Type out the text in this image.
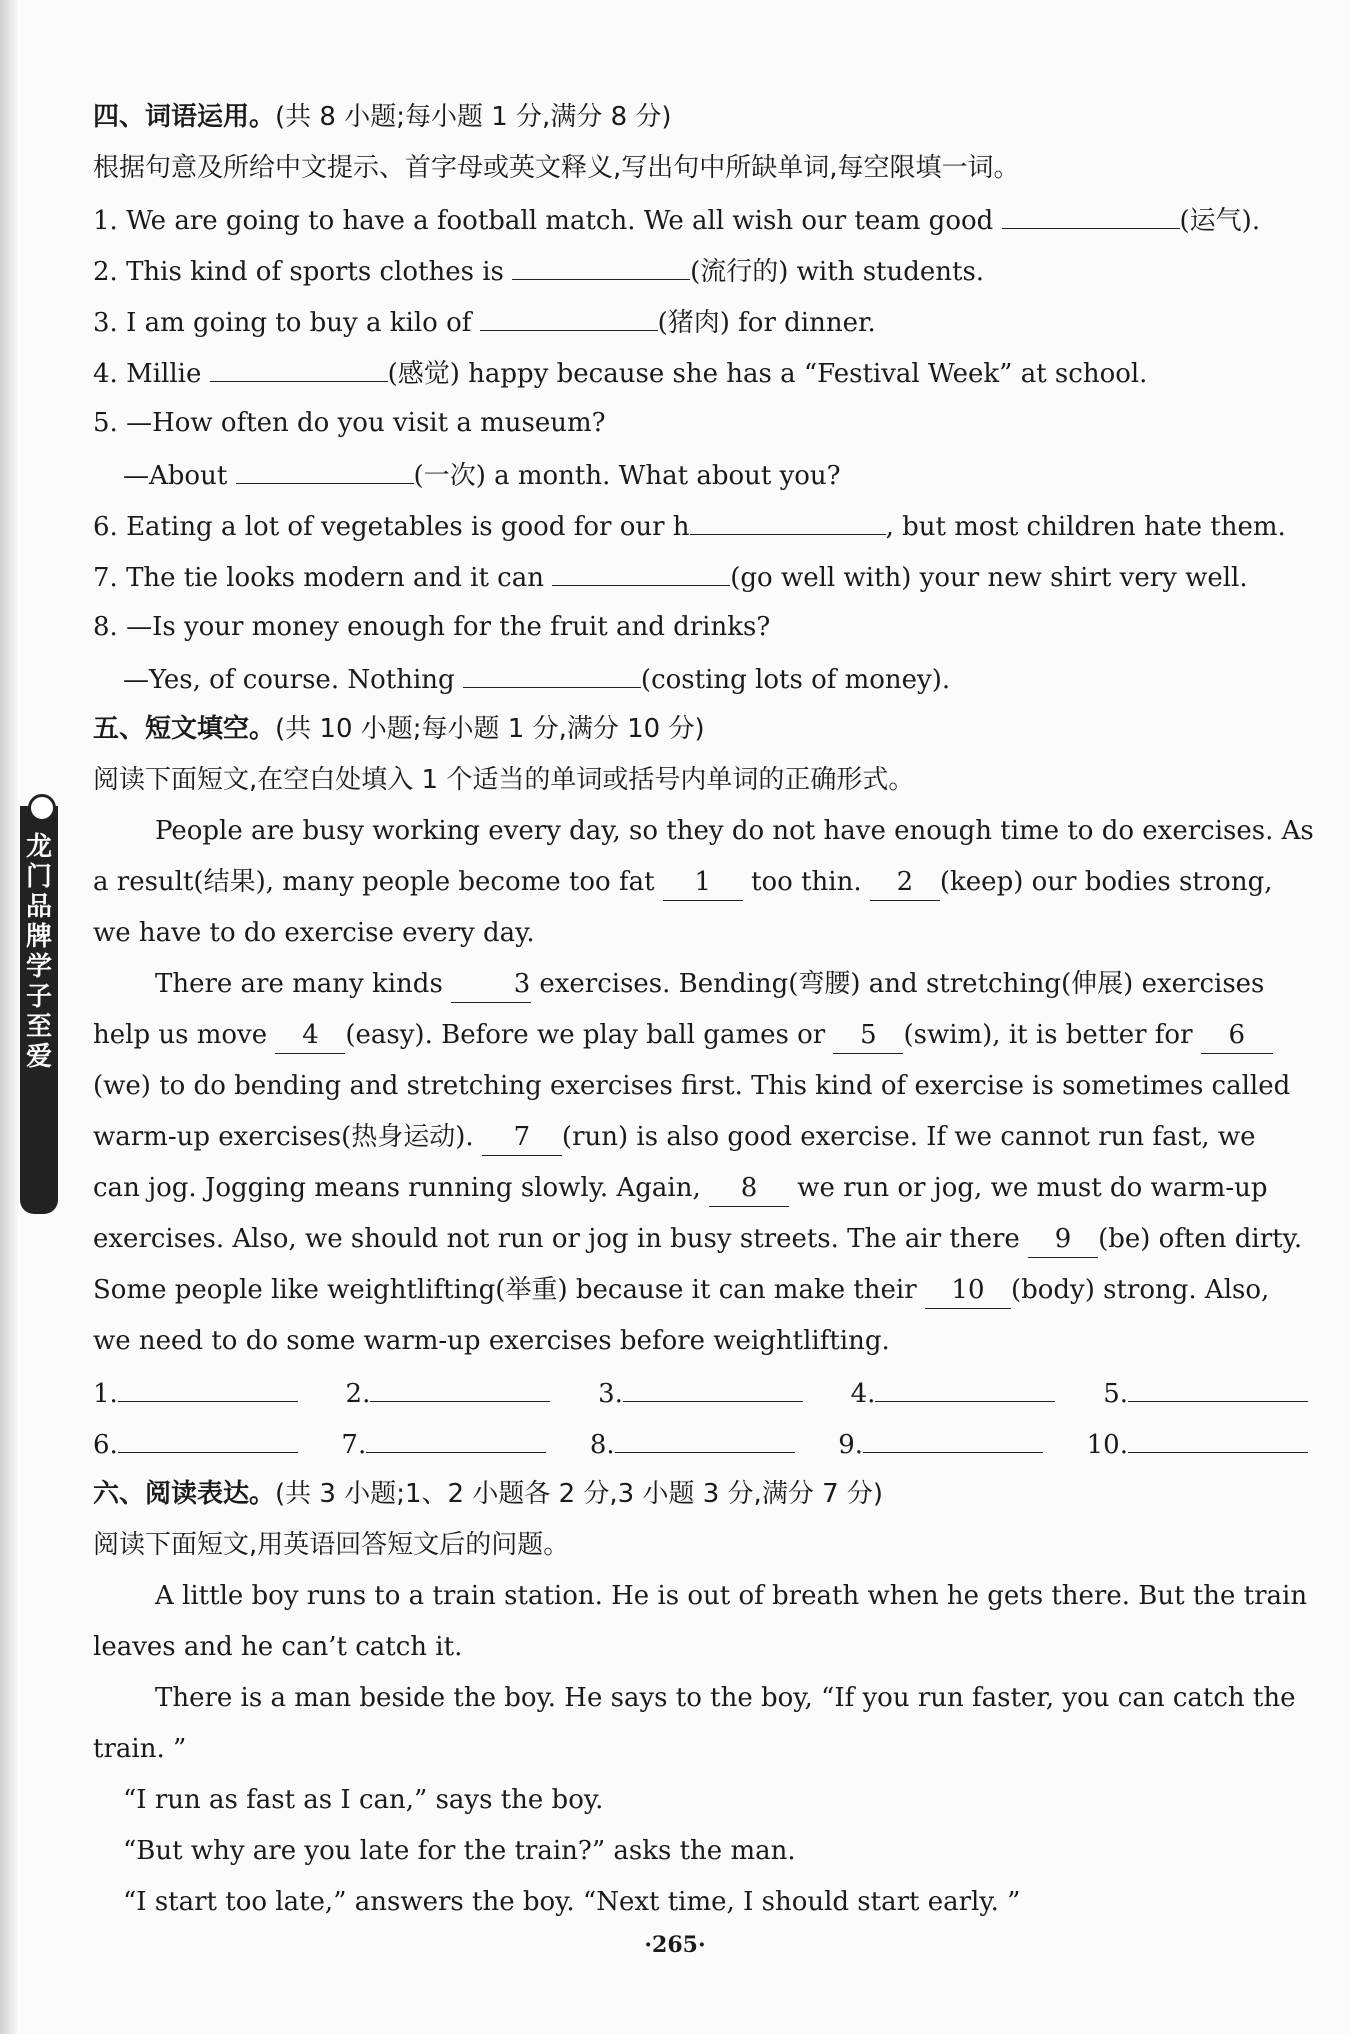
龙门品牌学子至爱
四、词语运用。(共 8 小题;每小题 1 分,满分 8 分)
根据句意及所给中文提示、首字母或英文释义,写出句中所缺单词,每空限填一词。
1. We are going to have a football match. We all wish our team good	(运气).
2. This kind of sports clothes is	(流行的) with students.
3. I am going to buy a kilo of	(猪肉) for dinner.
4. Millie	(感觉) happy because she has a “Festival Week” at school.
5. —How often do you visit a museum?
—About	(一次) a month. What about you?
6. Eating a lot of vegetables is good for our h	, but most children hate them.
7. The tie looks modern and it can	(go well with) your new shirt very well.
8. —Is your money enough for the fruit and drinks?
—Yes, of course. Nothing	(costing lots of money).
五、短文填空。(共 10 小题;每小题 1 分,满分 10 分)
阅读下面短文,在空白处填入 1 个适当的单词或括号内单词的正确形式。
People are busy working every day, so they do not have enough time to do exercises. As
a result(结果), many people become too fat 1 too thin. 2 (keep) our bodies strong,
we have to do exercise every day.
There are many kinds	3 exercises. Bending(弯腰) and stretching(伸展) exercises
help us move 4 (easy). Before we play ball games or 5 (swim), it is better for 6
(we) to do bending and stretching exercises first. This kind of exercise is sometimes called
warm-up exercises(热身运动). 7 (run) is also good exercise. If we cannot run fast, we
can jog. Jogging means running slowly. Again, 8 we run or jog, we must do warm-up
exercises. Also, we should not run or jog in busy streets. The air there 9 (be) often dirty.
Some people like weightlifting(举重) because it can make their 10 (body) strong. Also,
we need to do some warm-up exercises before weightlifting.
1.	2.	3.	4.	5.
6.	7.	8.	9.	10.
六、阅读表达。(共 3 小题;1、2 小题各 2 分,3 小题 3 分,满分 7 分)
阅读下面短文,用英语回答短文后的问题。
A little boy runs to a train station. He is out of breath when he gets there. But the train
leaves and he can’t catch it.
There is a man beside the boy. He says to the boy, “If you run faster, you can catch the
train. ”
“I run as fast as I can,” says the boy.
“But why are you late for the train?” asks the man.
“I start too late,” answers the boy. “Next time, I should start early. ”
·265·
